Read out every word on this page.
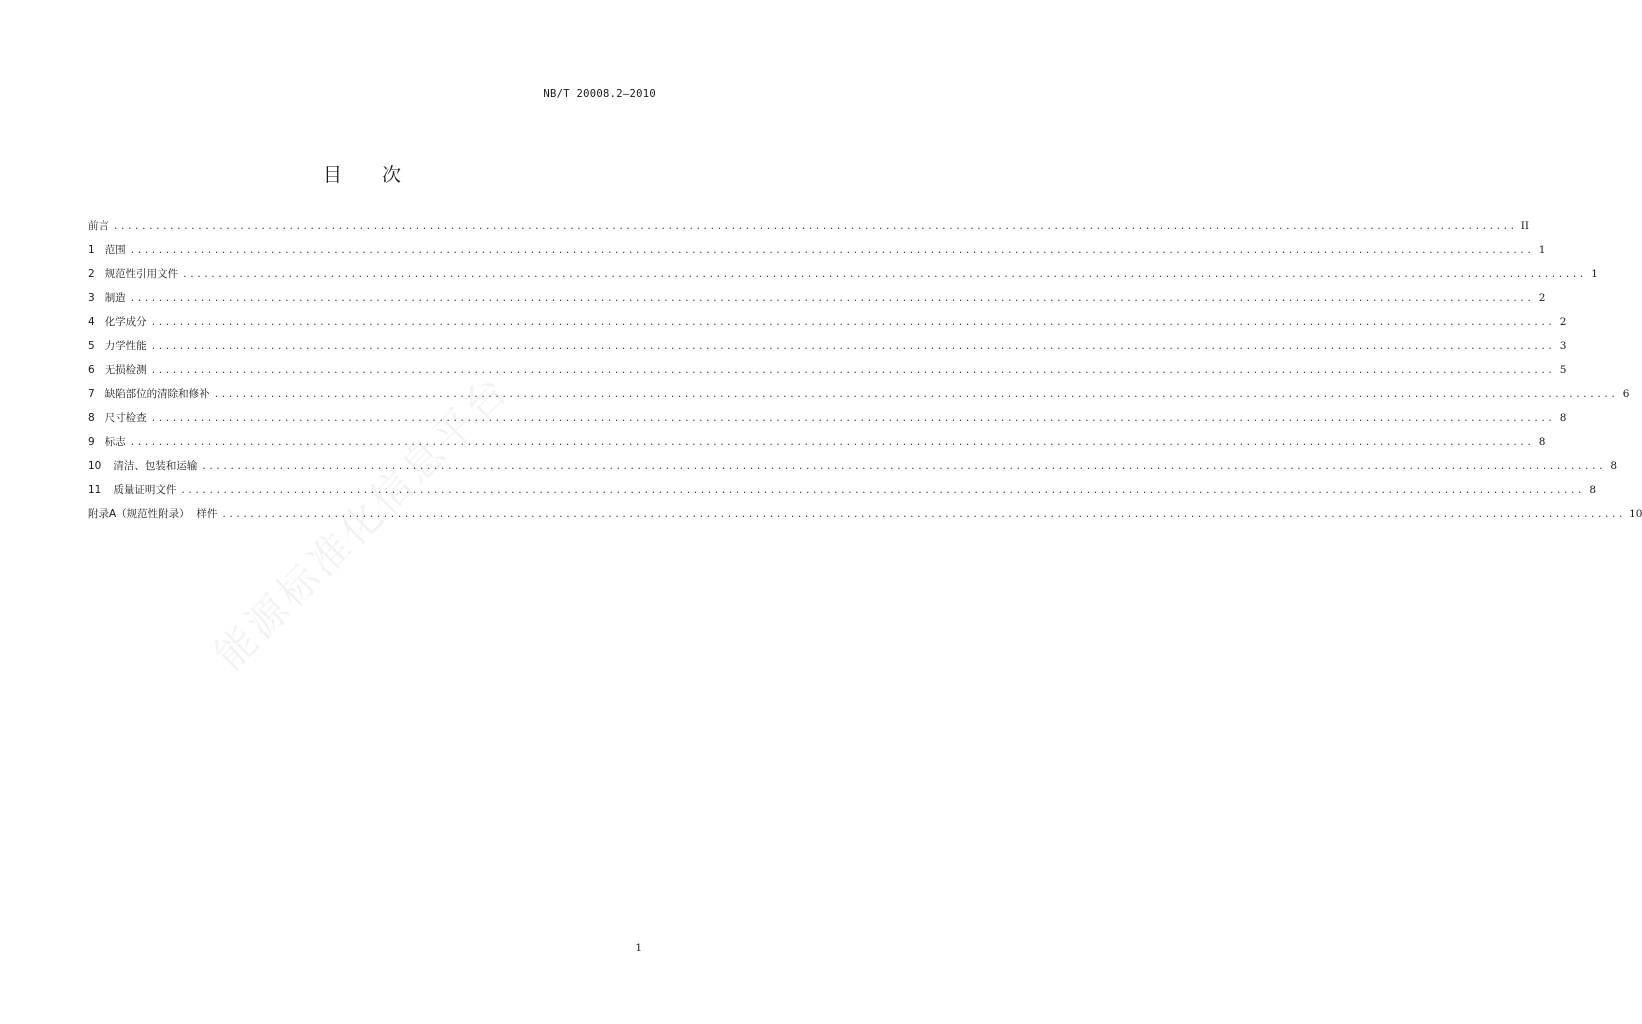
NB/T 20008.2—2010
目 次
前言 ........................................................................................................................................................................................................ II
1 范围 ........................................................................................................................................................................................................ 1
2 规范性引用文件 ........................................................................................................................................................................................................ 1
3 制造 ........................................................................................................................................................................................................ 2
4 化学成分 ........................................................................................................................................................................................................ 2
5 力学性能 ........................................................................................................................................................................................................ 3
6 无损检测 ........................................................................................................................................................................................................ 5
7 缺陷部位的清除和修补 ........................................................................................................................................................................................................ 6
8 尺寸检查 ........................................................................................................................................................................................................ 8
9 标志 ........................................................................................................................................................................................................ 8
10 清洁、包装和运输 ........................................................................................................................................................................................................ 8
11 质量证明文件 ........................................................................................................................................................................................................ 8
附录A（规范性附录）  样件 ........................................................................................................................................................................................................ 10
能源标准化信息平台
1
